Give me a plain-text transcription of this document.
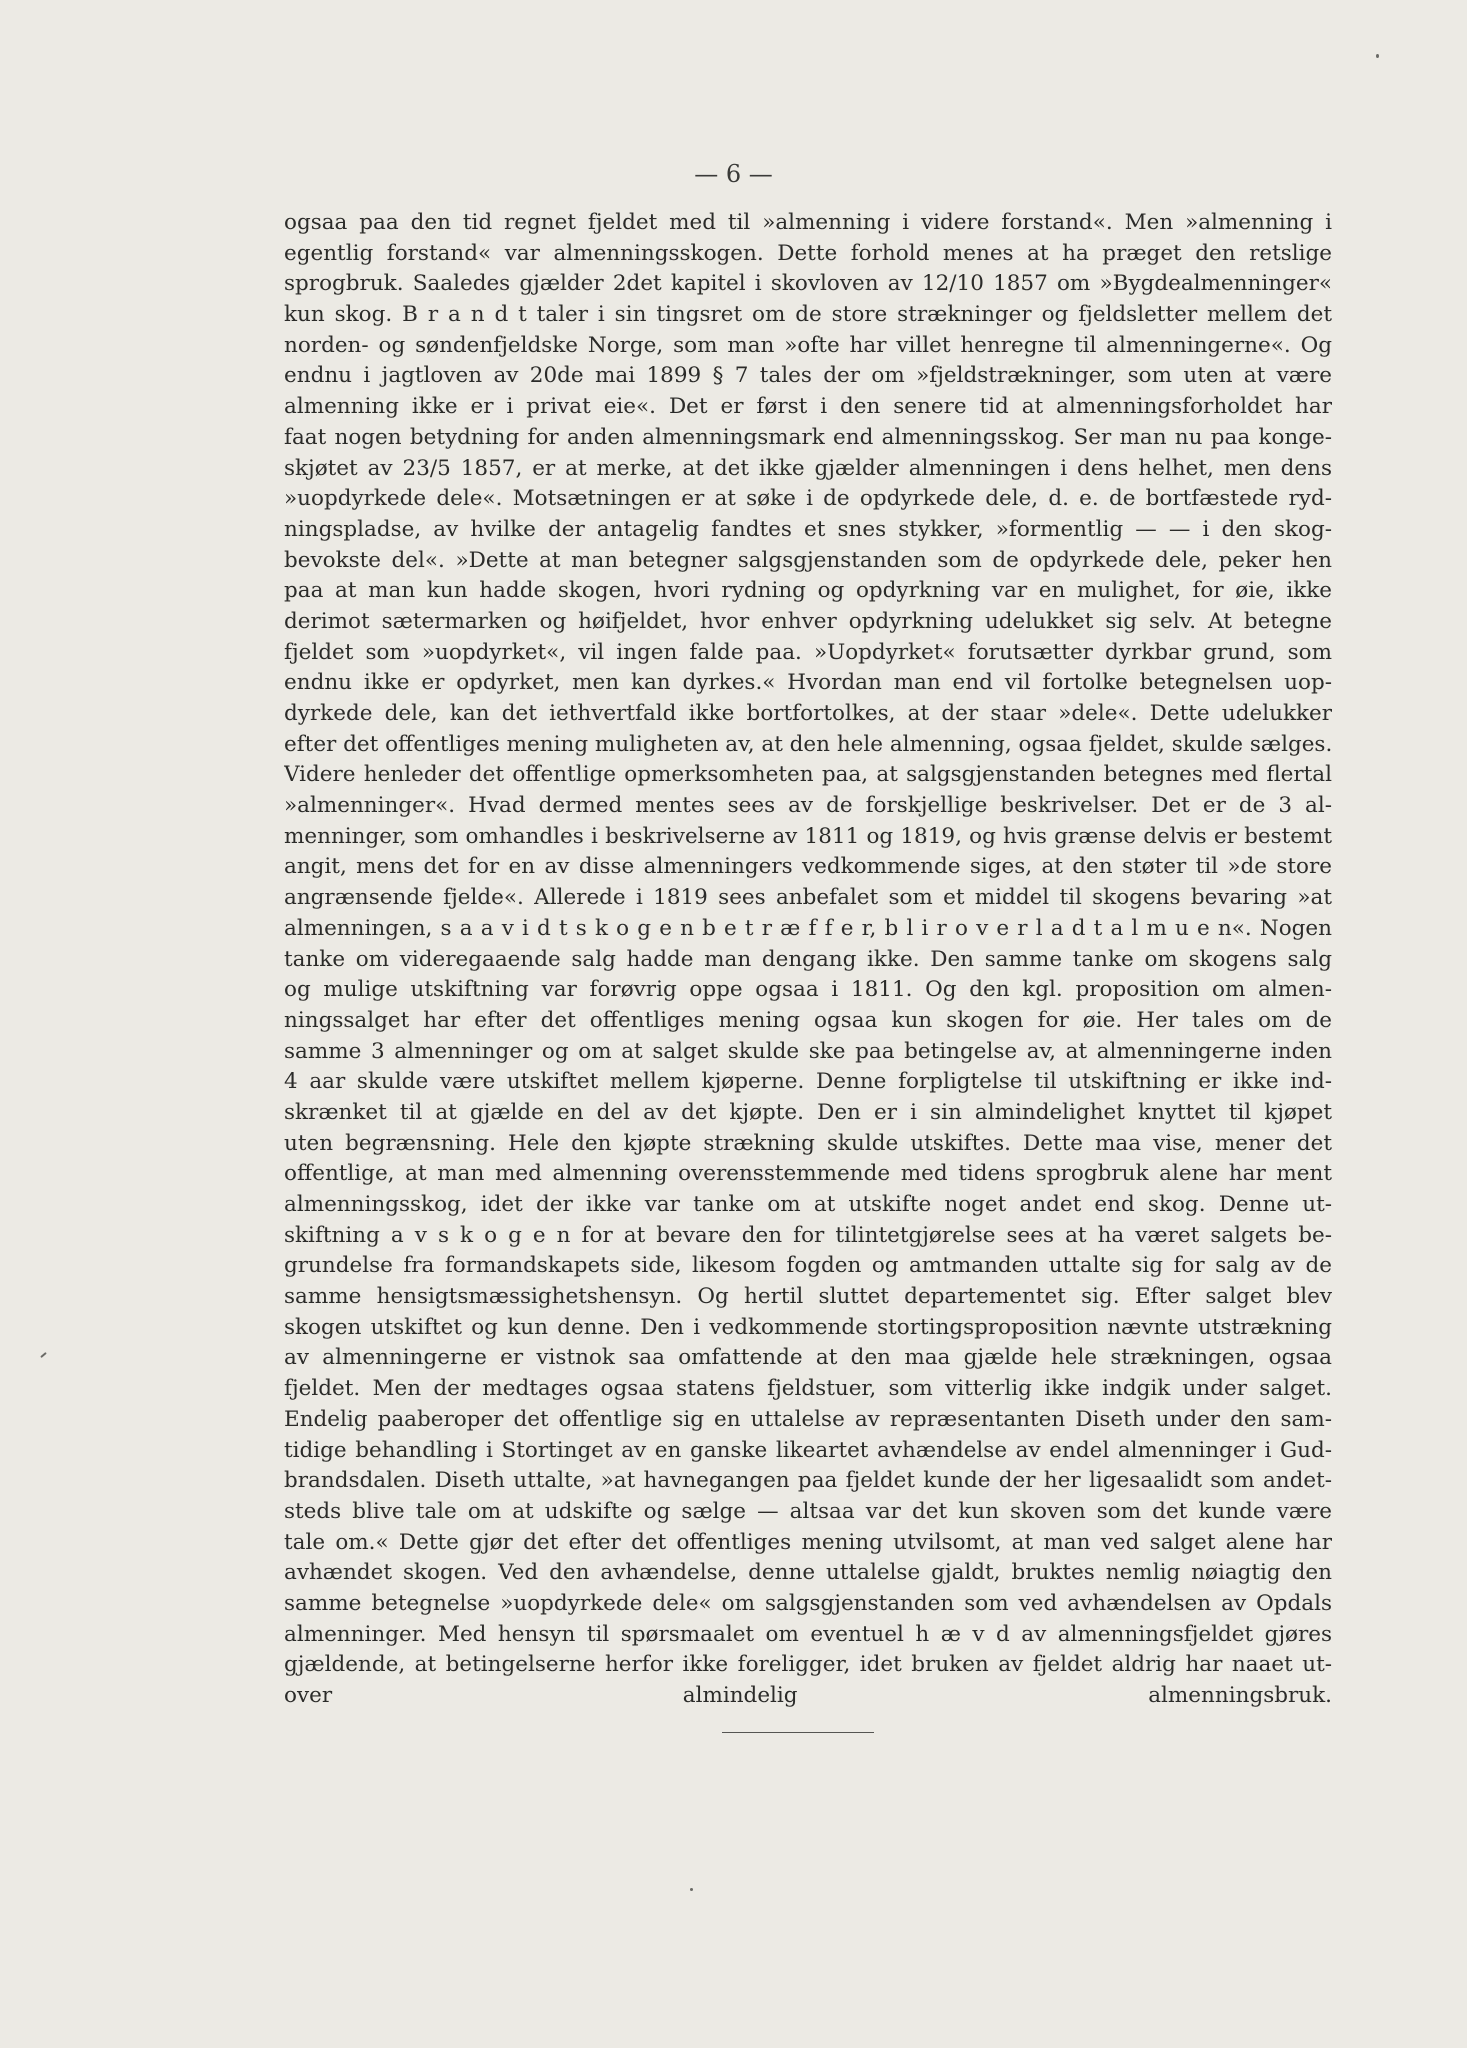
— 6 —
ogsaa paa den tid regnet fjeldet med til »almenning i videre forstand«. Men »almenning i
egentlig forstand« var almenningsskogen. Dette forhold menes at ha præget den retslige
sprogbruk. Saaledes gjælder 2det kapitel i skovloven av 12/10 1857 om »Bygdealmenninger«
kun skog. B r a n d t taler i sin tingsret om de store strækninger og fjeldsletter mellem det
norden- og søndenfjeldske Norge, som man »ofte har villet henregne til almenningerne«. Og
endnu i jagtloven av 20de mai 1899 § 7 tales der om »fjeldstrækninger, som uten at være
almenning ikke er i privat eie«. Det er først i den senere tid at almenningsforholdet har
faat nogen betydning for anden almenningsmark end almenningsskog. Ser man nu paa konge-
skjøtet av 23/5 1857, er at merke, at det ikke gjælder almenningen i dens helhet, men dens
»uopdyrkede dele«. Motsætningen er at søke i de opdyrkede dele, d. e. de bortfæstede ryd-
ningspladse, av hvilke der antagelig fandtes et snes stykker, »formentlig — — i den skog-
bevokste del«. »Dette at man betegner salgsgjenstanden som de opdyrkede dele, peker hen
paa at man kun hadde skogen, hvori rydning og opdyrkning var en mulighet, for øie, ikke
derimot sætermarken og høifjeldet, hvor enhver opdyrkning udelukket sig selv. At betegne
fjeldet som »uopdyrket«, vil ingen falde paa. »Uopdyrket« forutsætter dyrkbar grund, som
endnu ikke er opdyrket, men kan dyrkes.« Hvordan man end vil fortolke betegnelsen uop-
dyrkede dele, kan det iethvertfald ikke bortfortolkes, at der staar »dele«. Dette udelukker
efter det offentliges mening muligheten av, at den hele almenning, ogsaa fjeldet, skulde sælges.
Videre henleder det offentlige opmerksomheten paa, at salgsgjenstanden betegnes med flertal
»almenninger«. Hvad dermed mentes sees av de forskjellige beskrivelser. Det er de 3 al-
menninger, som omhandles i beskrivelserne av 1811 og 1819, og hvis grænse delvis er bestemt
angit, mens det for en av disse almenningers vedkommende siges, at den støter til »de store
angrænsende fjelde«. Allerede i 1819 sees anbefalet som et middel til skogens bevaring »at
almenningen, s a a v i d t s k o g e n b e t r æ f f e r, b l i r o v e r l a d t a l m u e n«. Nogen
tanke om videregaaende salg hadde man dengang ikke. Den samme tanke om skogens salg
og mulige utskiftning var forøvrig oppe ogsaa i 1811. Og den kgl. proposition om almen-
ningssalget har efter det offentliges mening ogsaa kun skogen for øie. Her tales om de
samme 3 almenninger og om at salget skulde ske paa betingelse av, at almenningerne inden
4 aar skulde være utskiftet mellem kjøperne. Denne forpligtelse til utskiftning er ikke ind-
skrænket til at gjælde en del av det kjøpte. Den er i sin almindelighet knyttet til kjøpet
uten begrænsning. Hele den kjøpte strækning skulde utskiftes. Dette maa vise, mener det
offentlige, at man med almenning overensstemmende med tidens sprogbruk alene har ment
almenningsskog, idet der ikke var tanke om at utskifte noget andet end skog. Denne ut-
skiftning a v s k o g e n for at bevare den for tilintetgjørelse sees at ha været salgets be-
grundelse fra formandskapets side, likesom fogden og amtmanden uttalte sig for salg av de
samme hensigtsmæssighetshensyn. Og hertil sluttet departementet sig. Efter salget blev
skogen utskiftet og kun denne. Den i vedkommende stortingsproposition nævnte utstrækning
av almenningerne er vistnok saa omfattende at den maa gjælde hele strækningen, ogsaa
fjeldet. Men der medtages ogsaa statens fjeldstuer, som vitterlig ikke indgik under salget.
Endelig paaberoper det offentlige sig en uttalelse av repræsentanten Diseth under den sam-
tidige behandling i Stortinget av en ganske likeartet avhændelse av endel almenninger i Gud-
brandsdalen. Diseth uttalte, »at havnegangen paa fjeldet kunde der her ligesaalidt som andet-
steds blive tale om at udskifte og sælge — altsaa var det kun skoven som det kunde være
tale om.« Dette gjør det efter det offentliges mening utvilsomt, at man ved salget alene har
avhændet skogen. Ved den avhændelse, denne uttalelse gjaldt, bruktes nemlig nøiagtig den
samme betegnelse »uopdyrkede dele« om salgsgjenstanden som ved avhændelsen av Opdals
almenninger. Med hensyn til spørsmaalet om eventuel h æ v d av almenningsfjeldet gjøres
gjældende, at betingelserne herfor ikke foreligger, idet bruken av fjeldet aldrig har naaet ut-
over almindelig almenningsbruk.
